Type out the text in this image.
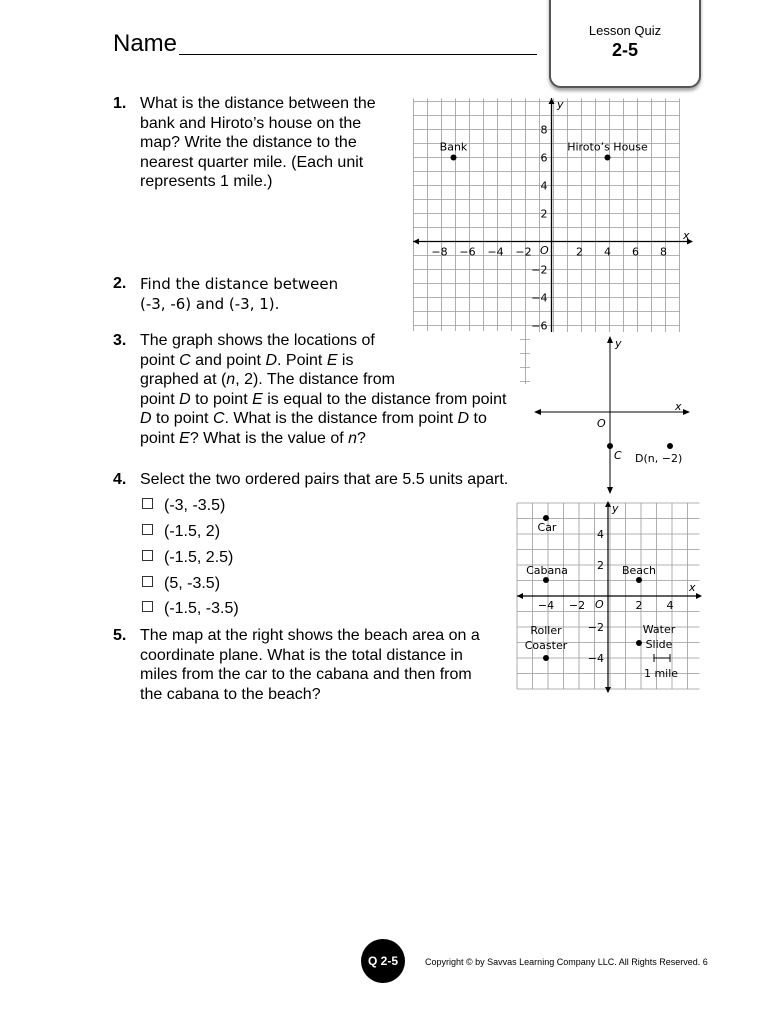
Name	Lesson Quiz
2-5
1. What is the distance between the bank and Hiroto’s house on the map? Write the distance to the nearest quarter mile. (Each unit represents 1 mile.)
2. Find the distance between
(-3, -6) and (-3, 1).
−8 −6 −4 −2	2 4 6 8
8
6
4
2
−2
−4
−6
x
y
O
Bank	Hiroto’s House
3. The graph shows the locations of
point C and point D. Point E is
graphed at (n, 2). The distance from
point D to point E is equal to the distance from point
D to point C. What is the distance from point D to
point E? What is the value of n?
y
x
O
C D(n, −2)
4. Select the two ordered pairs that are 5.5 units apart.
(-3, -3.5)
(-1.5, 2)
(-1.5, 2.5)
(5, -3.5)
(-1.5, -3.5)
5. The map at the right shows the beach area on a coordinate plane. What is the total distance in miles from the car to the cabana and then from the cabana to the beach?
−4 −2	2 4
4
2
−2
−4
x
y
O
Car
Cabana	Beach
Roller
Coaster
Water
Slide
1 mile
Q 2-5	Copyright © by Savvas Learning Company LLC. All Rights Reserved. 6
